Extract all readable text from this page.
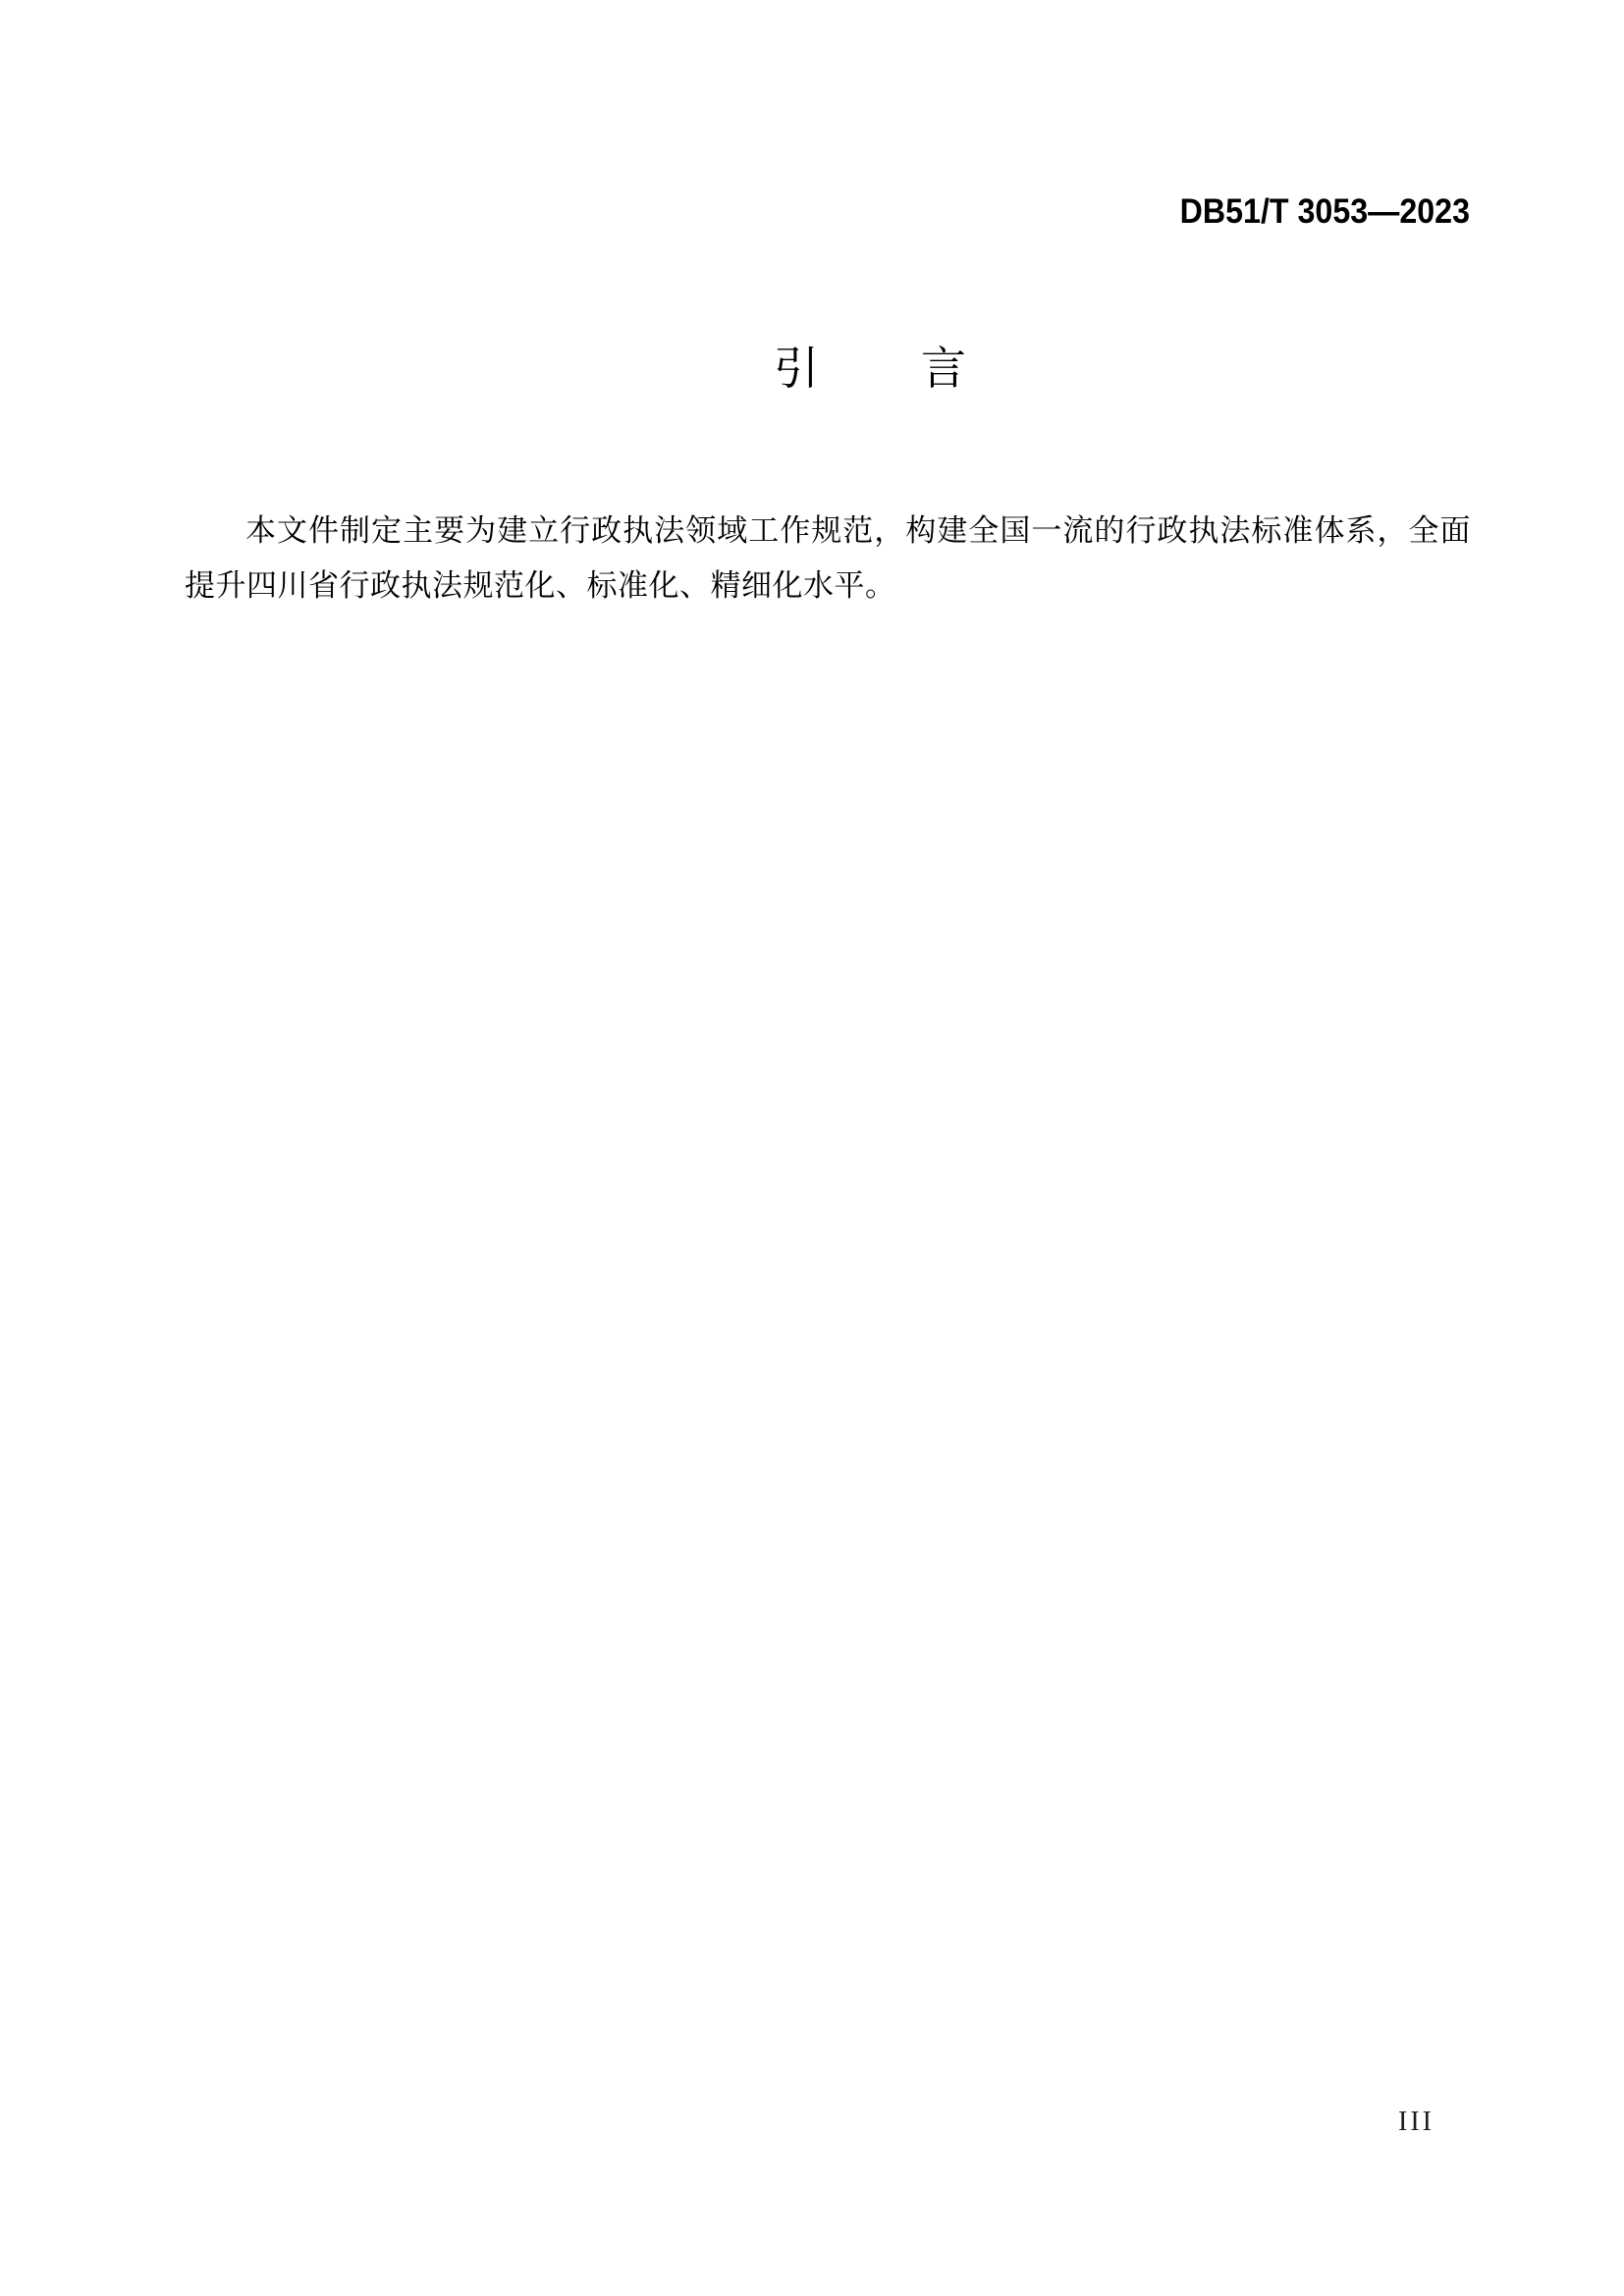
DB51/T 3053—2023
引 言

本文件制定主要为建立行政执法领域工作规范，构建全国一流的行政执法标准体系，全面提升四川省行政执法规范化、标准化、精细化水平。

III
